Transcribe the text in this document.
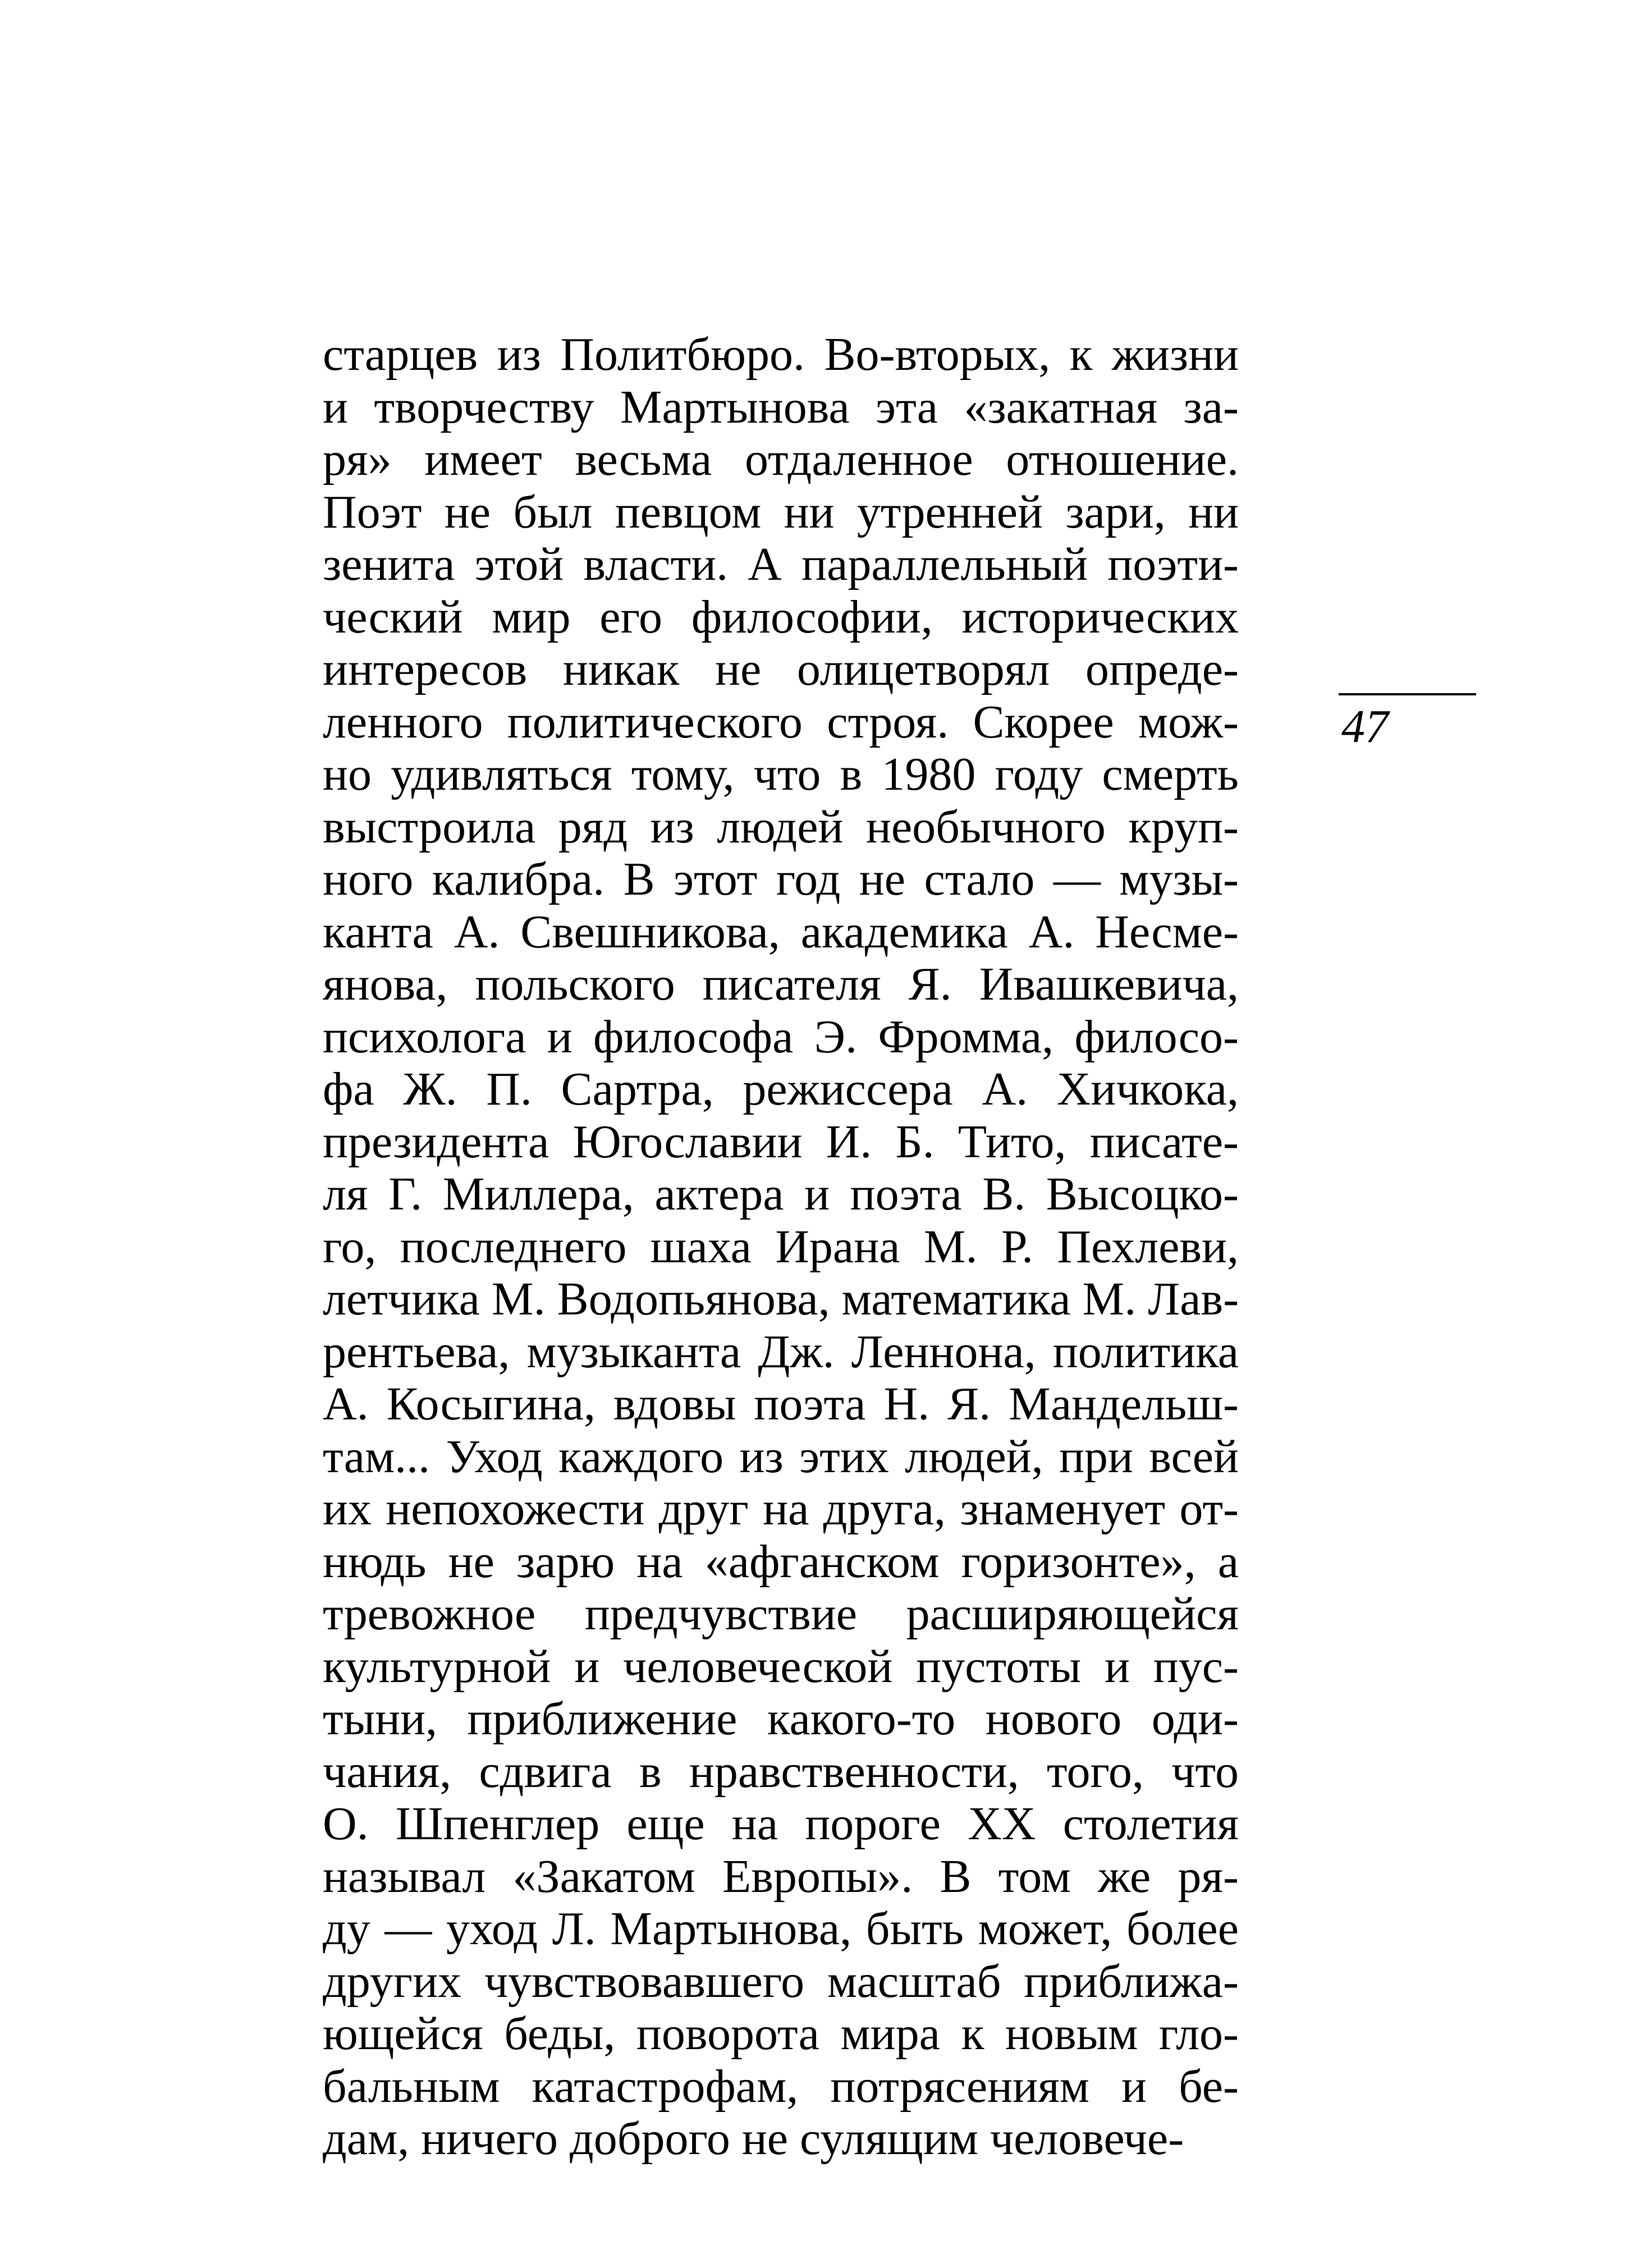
старцев из Политбюро. Во-вторых, к жизни
и творчеству Мартынова эта «закатная за-
ря» имеет весьма отдаленное отношение.
Поэт не был певцом ни утренней зари, ни
зенита этой власти. А параллельный поэти-
ческий мир его философии, исторических
интересов никак не олицетворял опреде-
ленного политического строя. Скорее мож-
но удивляться тому, что в 1980 году смерть
выстроила ряд из людей необычного круп-
ного калибра. В этот год не стало — музы-
канта А. Свешникова, академика А. Несме-
янова, польского писателя Я. Ивашкевича,
психолога и философа Э. Фромма, филосо-
фа Ж. П. Сартра, режиссера А. Хичкока,
президента Югославии И. Б. Тито, писате-
ля Г. Миллера, актера и поэта В. Высоцко-
го, последнего шаха Ирана М. Р. Пехлеви,
летчика М. Водопьянова, математика М. Лав-
рентьева, музыканта Дж. Леннона, политика
А. Косыгина, вдовы поэта Н. Я. Мандельш-
там... Уход каждого из этих людей, при всей
их непохожести друг на друга, знаменует от-
нюдь не зарю на «афганском горизонте», а
тревожное предчувствие расширяющейся
культурной и человеческой пустоты и пус-
тыни, приближение какого-то нового оди-
чания, сдвига в нравственности, того, что
О. Шпенглер еще на пороге XX столетия
называл «Закатом Европы». В том же ря-
ду — уход Л. Мартынова, быть может, более
других чувствовавшего масштаб приближа-
ющейся беды, поворота мира к новым гло-
бальным катастрофам, потрясениям и бе-
дам, ничего доброго не сулящим человече-
47
